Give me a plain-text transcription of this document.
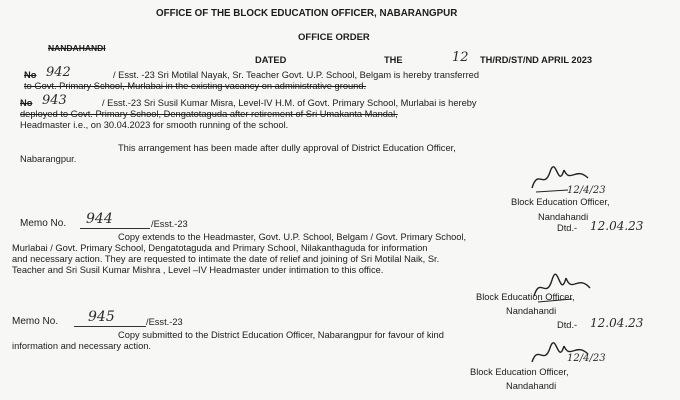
OFFICE OF THE BLOCK EDUCATION OFFICER, NABARANGPUR
OFFICE ORDER
NANDAHANDI
DATED	THE	12 TH/RD/ST/ND APRIL 2023
No 942	/ Esst. -23 Sri Motilal Nayak, Sr. Teacher Govt. U.P. School, Belgam is hereby transferred
to Govt. Primary School, Murlabai in the existing vacancy on administrative ground.
No 943	/ Esst.-23 Sri Susil Kumar Misra, Level-IV H.M. of Govt. Primary School, Murlabai is hereby
deployed to Govt. Primary School, Dengatotaguda after retirement of Sri Umakanta Mandal,
Headmaster i.e., on 30.04.2023 for smooth running of the school.
This arrangement has been made after dully approval of District Education Officer,
Nabarangpur.
12/4/23
Block Education Officer,
Nandahandi
Memo No. 944	/Esst.-23	Dtd.- 12.04.23
Copy extends to the Headmaster, Govt. U.P. School, Belgam / Govt. Primary School,
Murlabai / Govt. Primary School, Dengatotaguda and Primary School, Nilakanthaguda for information
and necessary action. They are requested to intimate the date of relief and joining of Sri Motilal Naik, Sr.
Teacher and Sri Susil Kumar Mishra , Level –IV Headmaster under intimation to this office.
Block Education Officer,
Nandahandi
Memo No. 945	/Esst.-23	Dtd.- 12.04.23
Copy submitted to the District Education Officer, Nabarangpur for favour of kind
information and necessary action.
12/4/23
Block Education Officer,
Nandahandi
